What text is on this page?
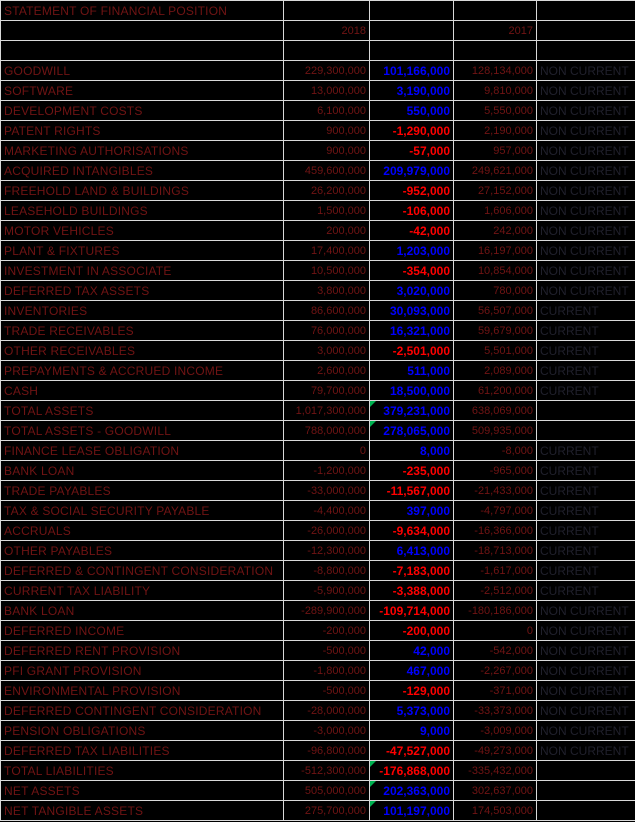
STATEMENT OF FINANCIAL POSITION				
	2018		2017	

GOODWILL	229,300,000	101,166,000	128,134,000	NON CURRENT
SOFTWARE	13,000,000	3,190,000	9,810,000	NON CURRENT
DEVELOPMENT COSTS	6,100,000	550,000	5,550,000	NON CURRENT
PATENT RIGHTS	900,000	-1,290,000	2,190,000	NON CURRENT
MARKETING AUTHORISATIONS	900,000	-57,000	957,000	NON CURRENT
ACQUIRED INTANGIBLES	459,600,000	209,979,000	249,621,000	NON CURRENT
FREEHOLD LAND & BUILDINGS	26,200,000	-952,000	27,152,000	NON CURRENT
LEASEHOLD BUILDINGS	1,500,000	-106,000	1,606,000	NON CURRENT
MOTOR VEHICLES	200,000	-42,000	242,000	NON CURRENT
PLANT & FIXTURES	17,400,000	1,203,000	16,197,000	NON CURRENT
INVESTMENT IN ASSOCIATE	10,500,000	-354,000	10,854,000	NON CURRENT
DEFERRED TAX ASSETS	3,800,000	3,020,000	780,000	NON CURRENT
INVENTORIES	86,600,000	30,093,000	56,507,000	CURRENT
TRADE RECEIVABLES	76,000,000	16,321,000	59,679,000	CURRENT
OTHER RECEIVABLES	3,000,000	-2,501,000	5,501,000	CURRENT
PREPAYMENTS & ACCRUED INCOME	2,600,000	511,000	2,089,000	CURRENT
CASH	79,700,000	18,500,000	61,200,000	CURRENT
TOTAL ASSETS	1,017,300,000	379,231,000	638,069,000	
TOTAL ASSETS - GOODWILL	788,000,000	278,065,000	509,935,000	
FINANCE LEASE OBLIGATION	0	8,000	-8,000	CURRENT
BANK LOAN	-1,200,000	-235,000	-965,000	CURRENT
TRADE PAYABLES	-33,000,000	-11,567,000	-21,433,000	CURRENT
TAX & SOCIAL SECURITY PAYABLE	-4,400,000	397,000	-4,797,000	CURRENT
ACCRUALS	-26,000,000	-9,634,000	-16,366,000	CURRENT
OTHER PAYABLES	-12,300,000	6,413,000	-18,713,000	CURRENT
DEFERRED & CONTINGENT CONSIDERATION	-8,800,000	-7,183,000	-1,617,000	CURRENT
CURRENT TAX LIABILITY	-5,900,000	-3,388,000	-2,512,000	CURRENT
BANK LOAN	-289,900,000	-109,714,000	-180,186,000	NON CURRENT
DEFERRED INCOME	-200,000	-200,000	0	NON CURRENT
DEFERRED RENT PROVISION	-500,000	42,000	-542,000	NON CURRENT
PFI GRANT PROVISION	-1,800,000	467,000	-2,267,000	NON CURRENT
ENVIRONMENTAL PROVISION	-500,000	-129,000	-371,000	NON CURRENT
DEFERRED CONTINGENT CONSIDERATION	-28,000,000	5,373,000	-33,373,000	NON CURRENT
PENSION OBLIGATIONS	-3,000,000	9,000	-3,009,000	NON CURRENT
DEFERRED TAX LIABILITIES	-96,800,000	-47,527,000	-49,273,000	NON CURRENT
TOTAL LIABILITIES	-512,300,000	-176,868,000	-335,432,000	
NET ASSETS	505,000,000	202,363,000	302,637,000	
NET TANGIBLE ASSETS	275,700,000	101,197,000	174,503,000	
